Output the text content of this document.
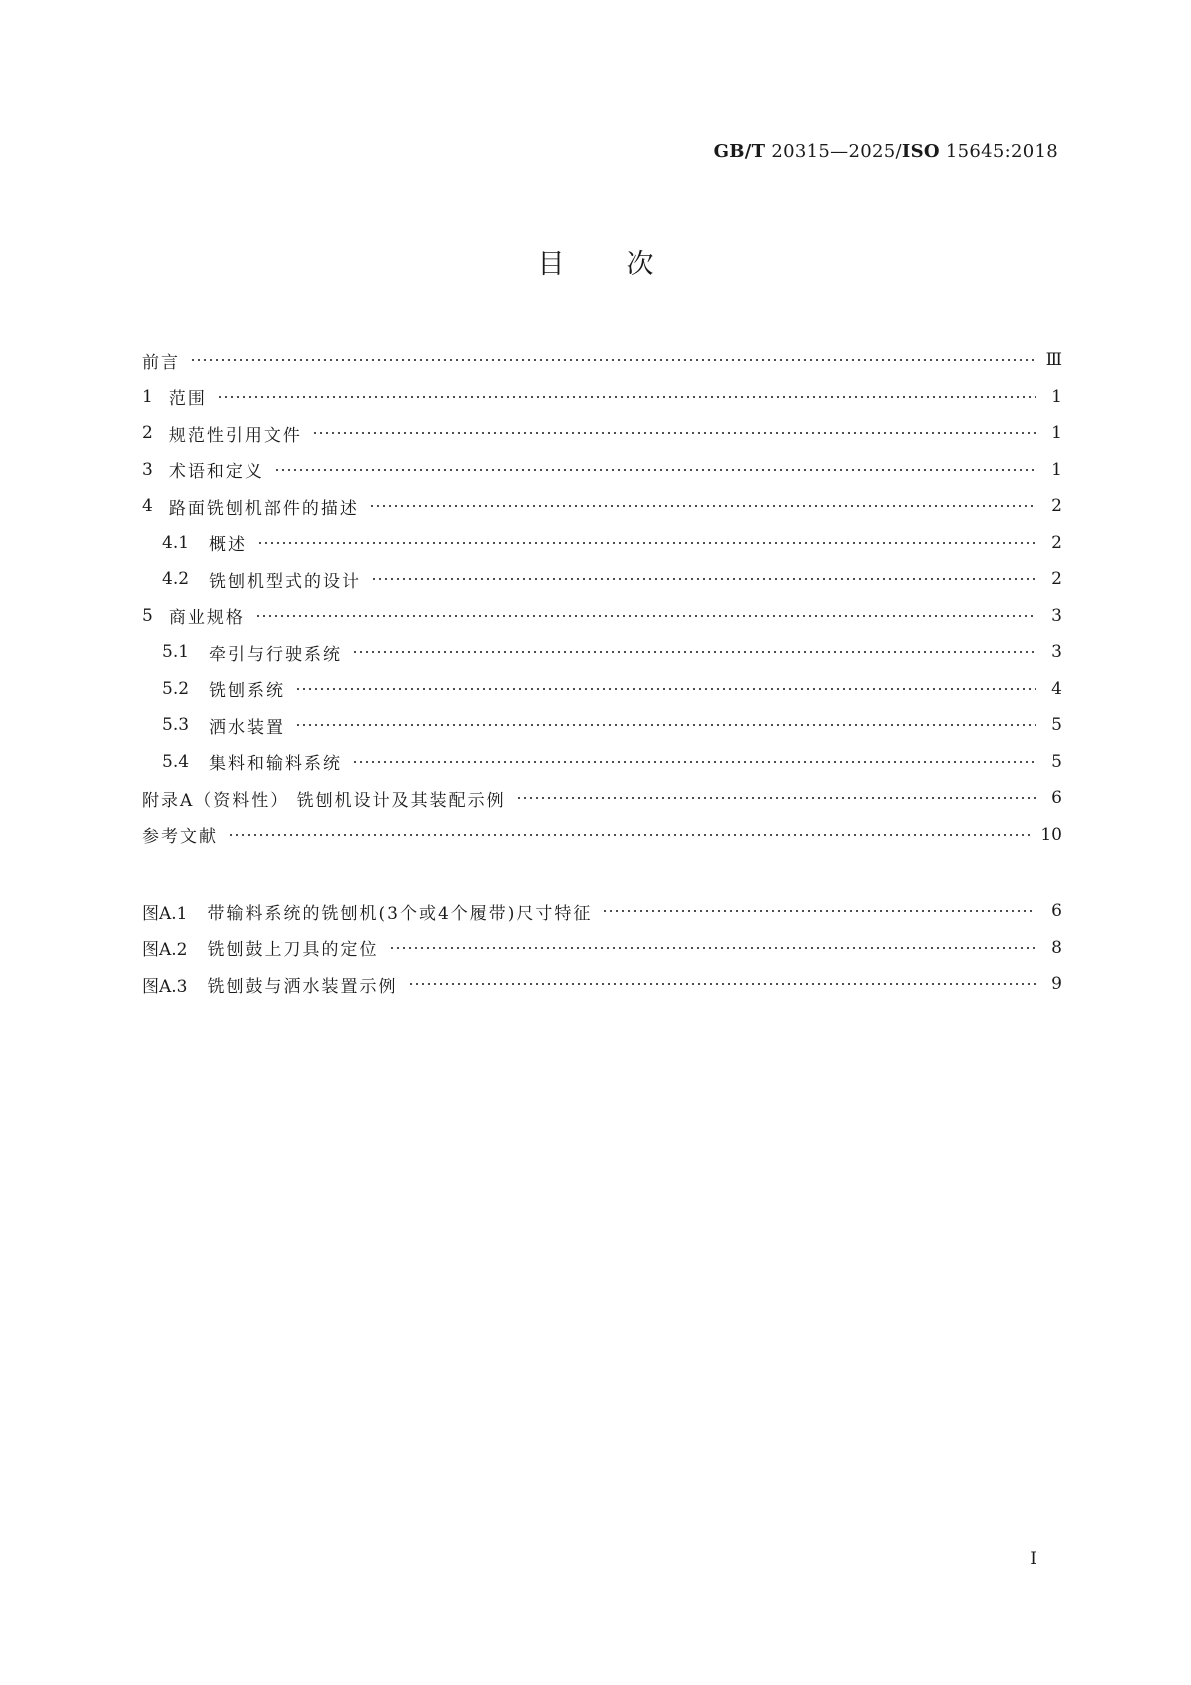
GB/T 20315—2025/ISO 15645:2018
目次
前言	Ⅲ
1 范围	1
2 规范性引用文件	1
3 术语和定义	1
4 路面铣刨机部件的描述	2
4.1 概述	2
4.2 铣刨机型式的设计	2
5 商业规格	3
5.1 牵引与行驶系统	3
5.2 铣刨系统	4
5.3 洒水装置	5
5.4 集料和输料系统	5
附录A（资料性） 铣刨机设计及其装配示例	6
参考文献	10
图A.1 带输料系统的铣刨机(3个或4个履带)尺寸特征	6
图A.2 铣刨鼓上刀具的定位	8
图A.3 铣刨鼓与洒水装置示例	9
Ⅰ
